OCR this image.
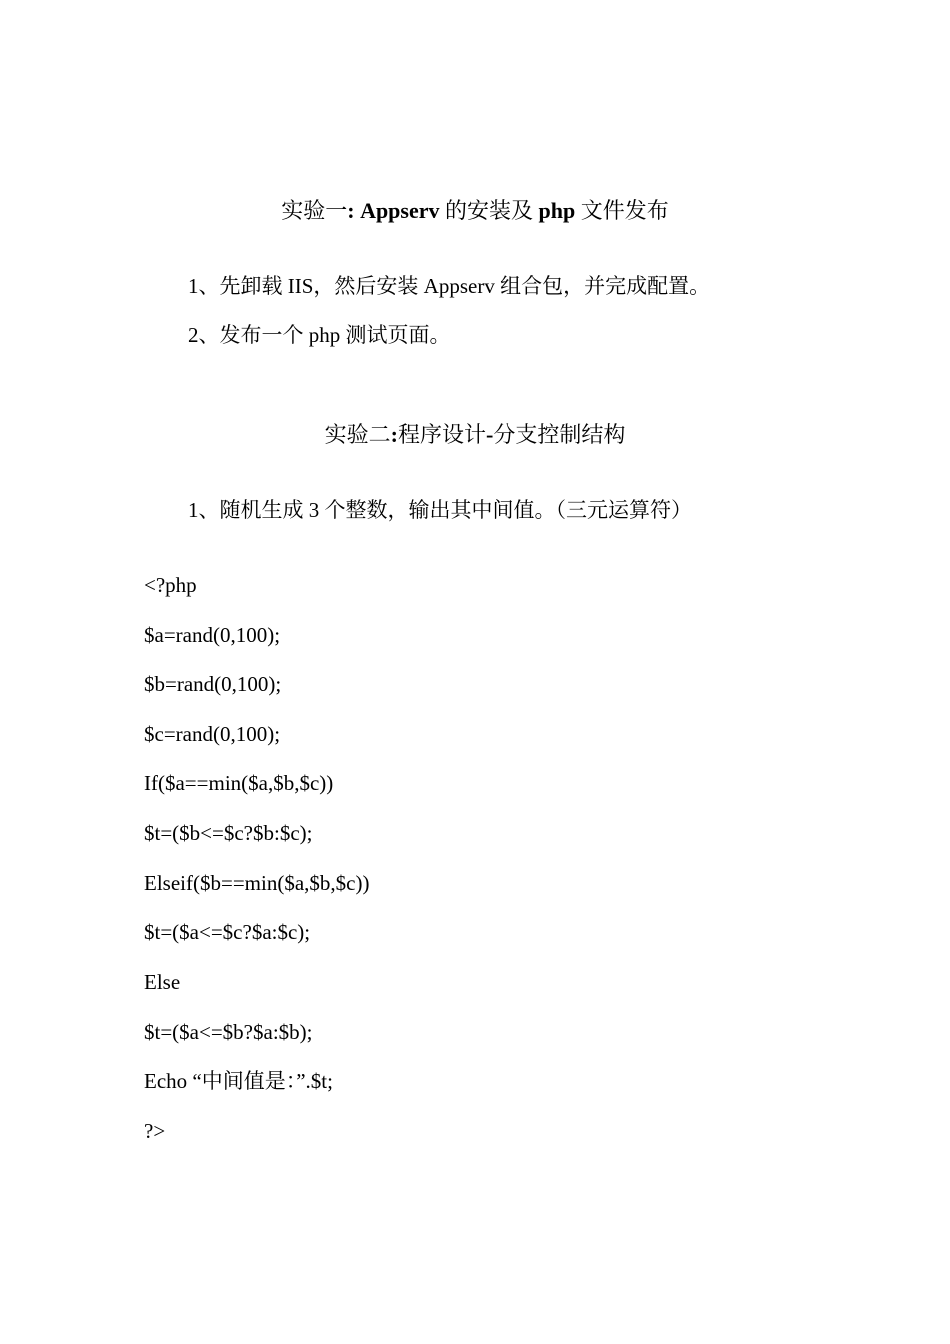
实验一: Appserv 的安装及 php 文件发布
1、先卸载 IIS，然后安装 Appserv 组合包，并完成配置。
2、发布一个 php 测试页面。
实验二:程序设计-分支控制结构
1、随机生成 3 个整数，输出其中间值。（三元运算符）
<?php
$a=rand(0,100);
$b=rand(0,100);
$c=rand(0,100);
If($a==min($a,$b,$c))
$t=($b<=$c?$b:$c);
Elseif($b==min($a,$b,$c))
$t=($a<=$c?$a:$c);
Else
$t=($a<=$b?$a:$b);
Echo “中间值是：”.$t;
?>
